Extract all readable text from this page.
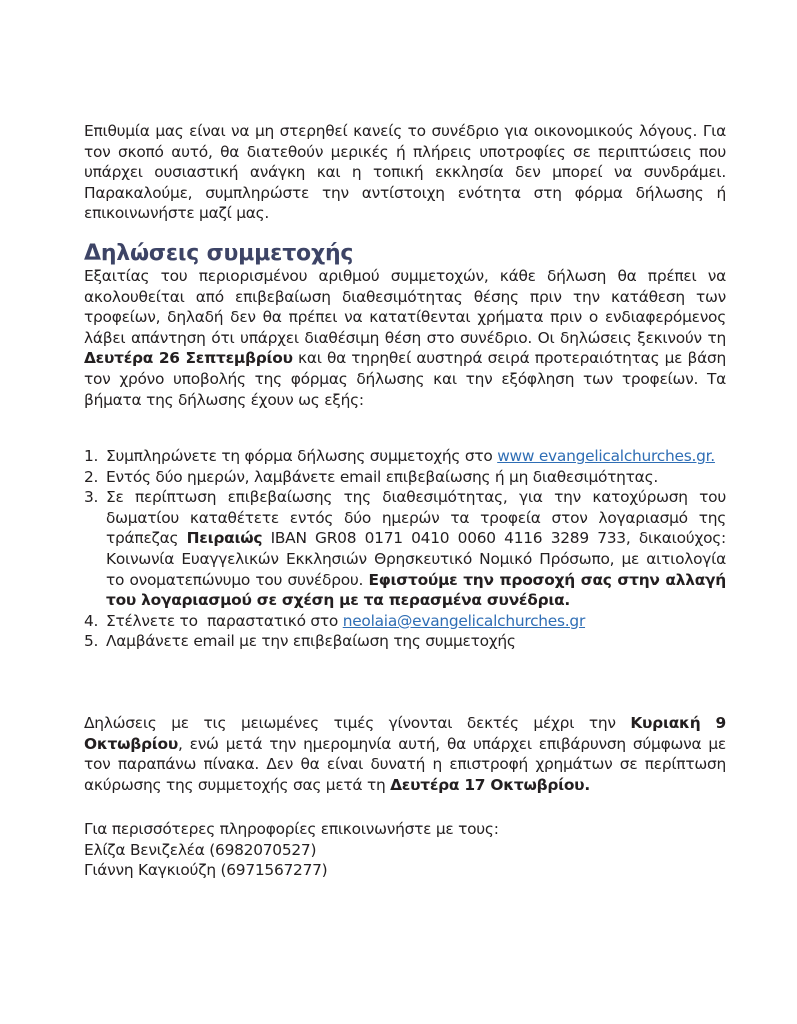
Επιθυμία μας είναι να μη στερηθεί κανείς το συνέδριο για οικονομικούς λόγους. Για τον σκοπό αυτό, θα διατεθούν μερικές ή πλήρεις υποτροφίες σε περιπτώσεις που υπάρχει ουσιαστική ανάγκη και η τοπική εκκλησία δεν μπορεί να συνδράμει. Παρακαλούμε, συμπληρώστε την αντίστοιχη ενότητα στη φόρμα δήλωσης ή επικοινωνήστε μαζί μας.

Δηλώσεις συμμετοχής

Εξαιτίας του περιορισμένου αριθμού συμμετοχών, κάθε δήλωση θα πρέπει να ακολουθείται από επιβεβαίωση διαθεσιμότητας θέσης πριν την κατάθεση των τροφείων, δηλαδή δεν θα πρέπει να κατατίθενται χρήματα πριν ο ενδιαφερόμενος λάβει απάντηση ότι υπάρχει διαθέσιμη θέση στο συνέδριο. Οι δηλώσεις ξεκινούν τη Δευτέρα 26 Σεπτεμβρίου και θα τηρηθεί αυστηρά σειρά προτεραιότητας με βάση τον χρόνο υποβολής της φόρμας δήλωσης και την εξόφληση των τροφείων. Τα βήματα της δήλωσης έχουν ως εξής:

1. Συμπληρώνετε τη φόρμα δήλωσης συμμετοχής στο www evangelicalchurches.gr.
2. Εντός δύο ημερών, λαμβάνετε email επιβεβαίωσης ή μη διαθεσιμότητας.
3. Σε περίπτωση επιβεβαίωσης της διαθεσιμότητας, για την κατοχύρωση του δωματίου καταθέτετε εντός δύο ημερών τα τροφεία στον λογαριασμό της τράπεζας Πειραιώς IBAN GR08 0171 0410 0060 4116 3289 733, δικαιούχος: Κοινωνία Ευαγγελικών Εκκλησιών Θρησκευτικό Νομικό Πρόσωπο, με αιτιολογία το ονοματεπώνυμο του συνέδρου. Εφιστούμε την προσοχή σας στην αλλαγή του λογαριασμού σε σχέση με τα περασμένα συνέδρια.
4. Στέλνετε το  παραστατικό στο neolaia@evangelicalchurches.gr
5. Λαμβάνετε email με την επιβεβαίωση της συμμετοχής

Δηλώσεις με τις μειωμένες τιμές γίνονται δεκτές μέχρι την Κυριακή 9 Οκτωβρίου, ενώ μετά την ημερομηνία αυτή, θα υπάρχει επιβάρυνση σύμφωνα με τον παραπάνω πίνακα. Δεν θα είναι δυνατή η επιστροφή χρημάτων σε περίπτωση ακύρωσης της συμμετοχής σας μετά τη Δευτέρα 17 Οκτωβρίου.

Για περισσότερες πληροφορίες επικοινωνήστε με τους:
Ελίζα Βενιζελέα (6982070527)
Γιάννη Καγκιούζη (6971567277)
